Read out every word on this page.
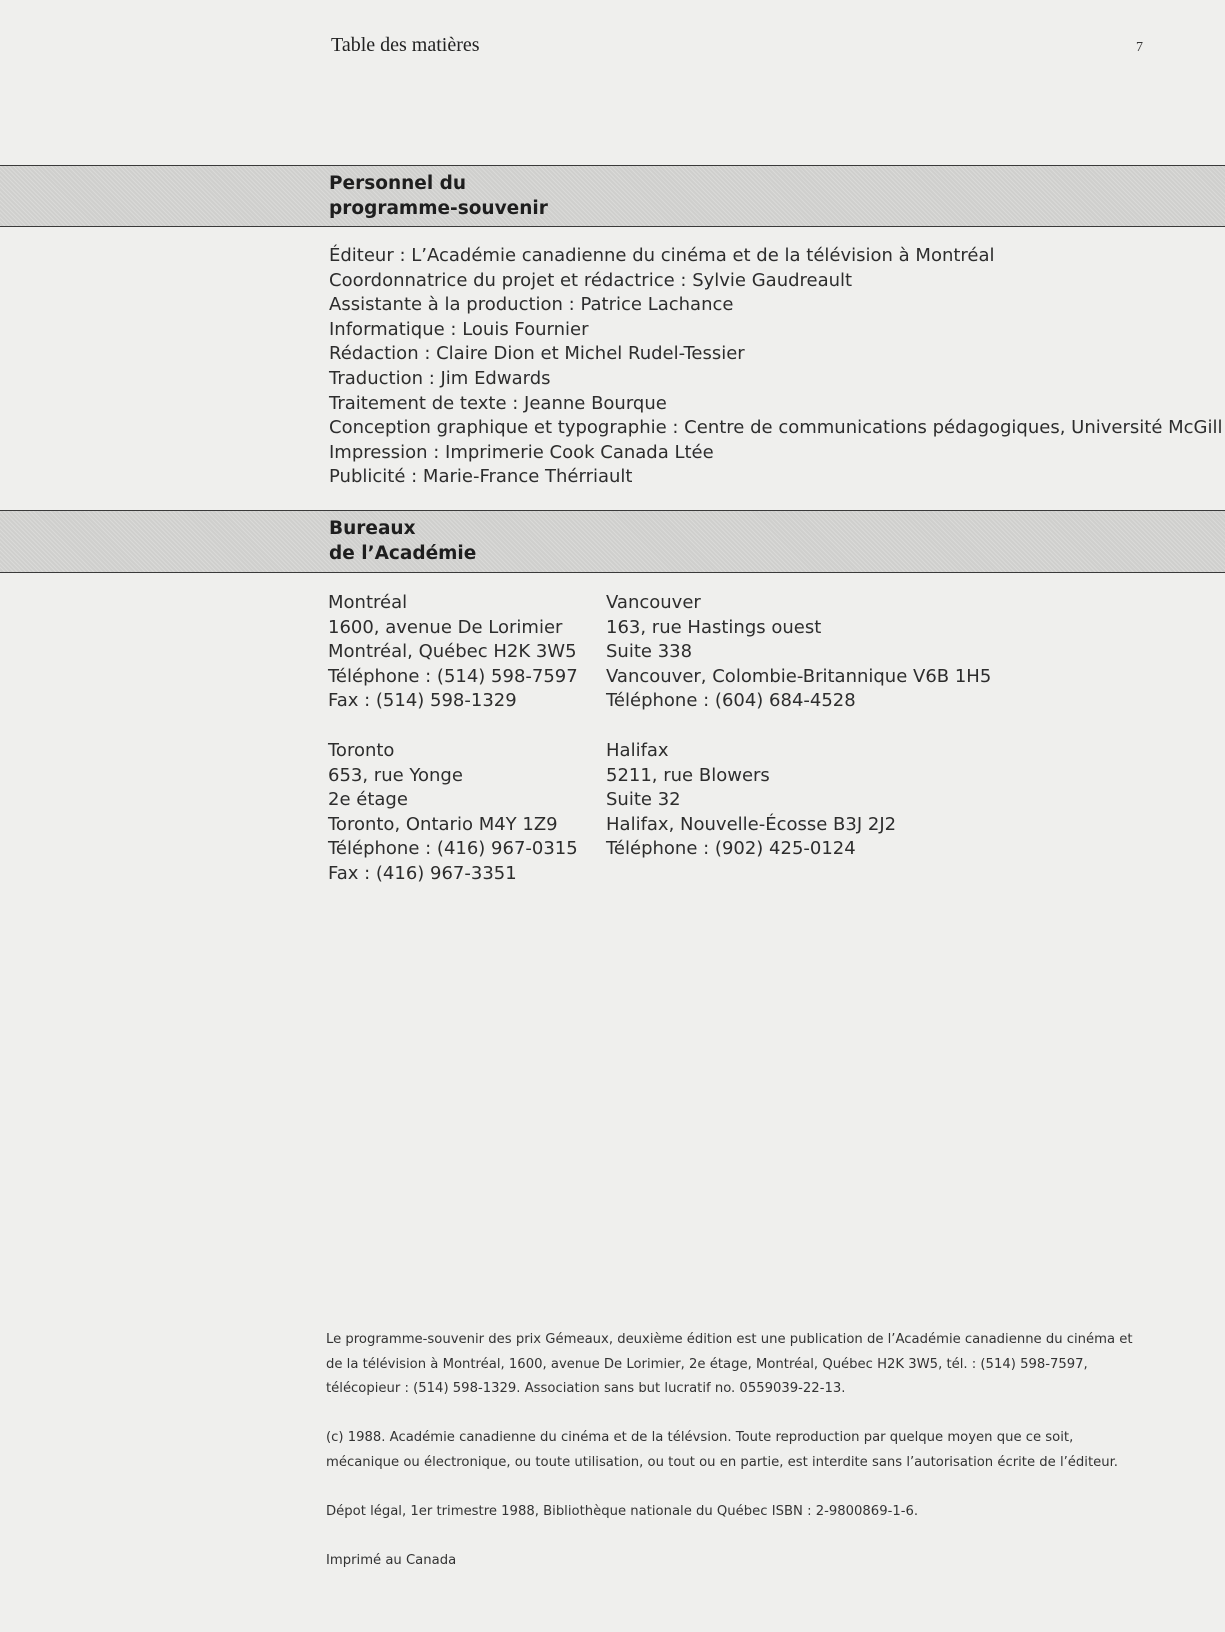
Table des matières	7
Personnel du
programme-souvenir
Éditeur : L’Académie canadienne du cinéma et de la télévision à Montréal
Coordonnatrice du projet et rédactrice : Sylvie Gaudreault
Assistante à la production : Patrice Lachance
Informatique : Louis Fournier
Rédaction : Claire Dion et Michel Rudel-Tessier
Traduction : Jim Edwards
Traitement de texte : Jeanne Bourque
Conception graphique et typographie : Centre de communications pédagogiques, Université McGill
Impression : Imprimerie Cook Canada Ltée
Publicité : Marie-France Thérriault
Bureaux
de l’Académie
Montréal
1600, avenue De Lorimier
Montréal, Québec H2K 3W5
Téléphone : (514) 598-7597
Fax : (514) 598-1329
Vancouver
163, rue Hastings ouest
Suite 338
Vancouver, Colombie-Britannique V6B 1H5
Téléphone : (604) 684-4528
Toronto
653, rue Yonge
2e étage
Toronto, Ontario M4Y 1Z9
Téléphone : (416) 967-0315
Fax : (416) 967-3351
Halifax
5211, rue Blowers
Suite 32
Halifax, Nouvelle-Écosse B3J 2J2
Téléphone : (902) 425-0124

Le programme-souvenir des prix Gémeaux, deuxième édition est une publication de l’Académie canadienne du cinéma et de la télévision à Montréal, 1600, avenue De Lorimier, 2e étage, Montréal, Québec H2K 3W5, tél. : (514) 598-7597, télécopieur : (514) 598-1329. Association sans but lucratif no. 0559039-22-13.

(c) 1988. Académie canadienne du cinéma et de la télévsion. Toute reproduction par quelque moyen que ce soit, mécanique ou électronique, ou toute utilisation, ou tout ou en partie, est interdite sans l’autorisation écrite de l’éditeur.

Dépot légal, 1er trimestre 1988, Bibliothèque nationale du Québec ISBN : 2-9800869-1-6.

Imprimé au Canada
